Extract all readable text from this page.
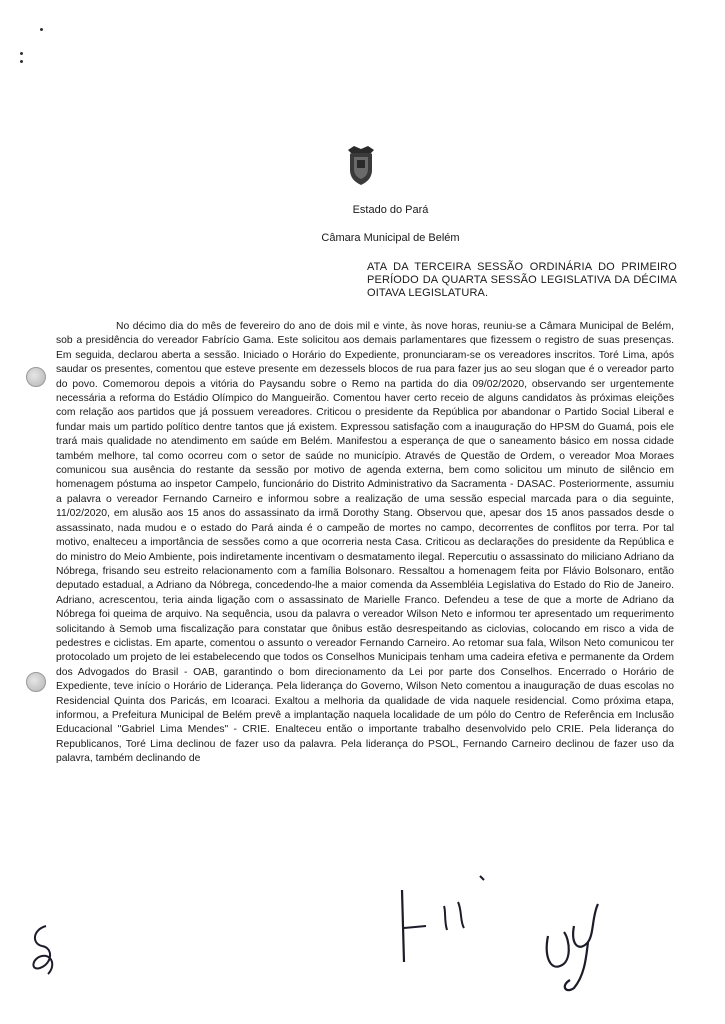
Estado do Pará
Câmara Municipal de Belém
ATA DA TERCEIRA SESSÃO ORDINÁRIA DO PRIMEIRO PERÍODO DA QUARTA SESSÃO LEGISLATIVA DA DÉCIMA OITAVA LEGISLATURA.

No décimo dia do mês de fevereiro do ano de dois mil e vinte, às nove horas, reuniu-se a Câmara Municipal de Belém, sob a presidência do vereador Fabrício Gama. Este solicitou aos demais parlamentares que fizessem o registro de suas presenças. Em seguida, declarou aberta a sessão. Iniciado o Horário do Expediente, pronunciaram-se os vereadores inscritos. Toré Lima, após saudar os presentes, comentou que esteve presente em dezessels blocos de rua para fazer jus ao seu slogan que é o vereador parto do povo. Comemorou depois a vitória do Paysandu sobre o Remo na partida do dia 09/02/2020, observando ser urgentemente necessária a reforma do Estádio Olímpico do Mangueirão. Comentou haver certo receio de alguns candidatos às próximas eleições com relação aos partidos que já possuem vereadores. Criticou o presidente da República por abandonar o Partido Social Liberal e fundar mais um partido político dentre tantos que já existem. Expressou satisfação com a inauguração do HPSM do Guamá, pois ele trará mais qualidade no atendimento em saúde em Belém. Manifestou a esperança de que o saneamento básico em nossa cidade também melhore, tal como ocorreu com o setor de saúde no município. Através de Questão de Ordem, o vereador Moa Moraes comunicou sua ausência do restante da sessão por motivo de agenda externa, bem como solicitou um minuto de silêncio em homenagem póstuma ao inspetor Campelo, funcionário do Distrito Administrativo da Sacramenta - DASAC. Posteriormente, assumiu a palavra o vereador Fernando Carneiro e informou sobre a realização de uma sessão especial marcada para o dia seguinte, 11/02/2020, em alusão aos 15 anos do assassinato da irmã Dorothy Stang. Observou que, apesar dos 15 anos passados desde o assassinato, nada mudou e o estado do Pará ainda é o campeão de mortes no campo, decorrentes de conflitos por terra. Por tal motivo, enalteceu a importância de sessões como a que ocorreria nesta Casa. Criticou as declarações do presidente da República e do ministro do Meio Ambiente, pois indiretamente incentivam o desmatamento ilegal. Repercutiu o assassinato do miliciano Adriano da Nóbrega, frisando seu estreito relacionamento com a família Bolsonaro. Ressaltou a homenagem feita por Flávio Bolsonaro, então deputado estadual, a Adriano da Nóbrega, concedendo-lhe a maior comenda da Assembléia Legislativa do Estado do Rio de Janeiro. Adriano, acrescentou, teria ainda ligação com o assassinato de Marielle Franco. Defendeu a tese de que a morte de Adriano da Nóbrega foi queima de arquivo. Na sequência, usou da palavra o vereador Wilson Neto e informou ter apresentado um requerimento solicitando à Semob uma fiscalização para constatar que ônibus estão desrespeitando as ciclovias, colocando em risco a vida de pedestres e ciclistas. Em aparte, comentou o assunto o vereador Fernando Carneiro. Ao retomar sua fala, Wilson Neto comunicou ter protocolado um projeto de lei estabelecendo que todos os Conselhos Municipais tenham uma cadeira efetiva e permanente da Ordem dos Advogados do Brasil - OAB, garantindo o bom direcionamento da Lei por parte dos Conselhos. Encerrado o Horário de Expediente, teve início o Horário de Liderança. Pela liderança do Governo, Wilson Neto comentou a inauguração de duas escolas no Residencial Quinta dos Paricás, em Icoaraci. Exaltou a melhoria da qualidade de vida naquele residencial. Como próxima etapa, informou, a Prefeitura Municipal de Belém prevê a implantação naquela localidade de um pólo do Centro de Referência em Inclusão Educacional "Gabriel Lima Mendes" - CRIE. Enalteceu então o importante trabalho desenvolvido pelo CRIE. Pela liderança do Republicanos, Toré Lima declinou de fazer uso da palavra. Pela liderança do PSOL, Fernando Carneiro declinou de fazer uso da palavra, também declinando de
